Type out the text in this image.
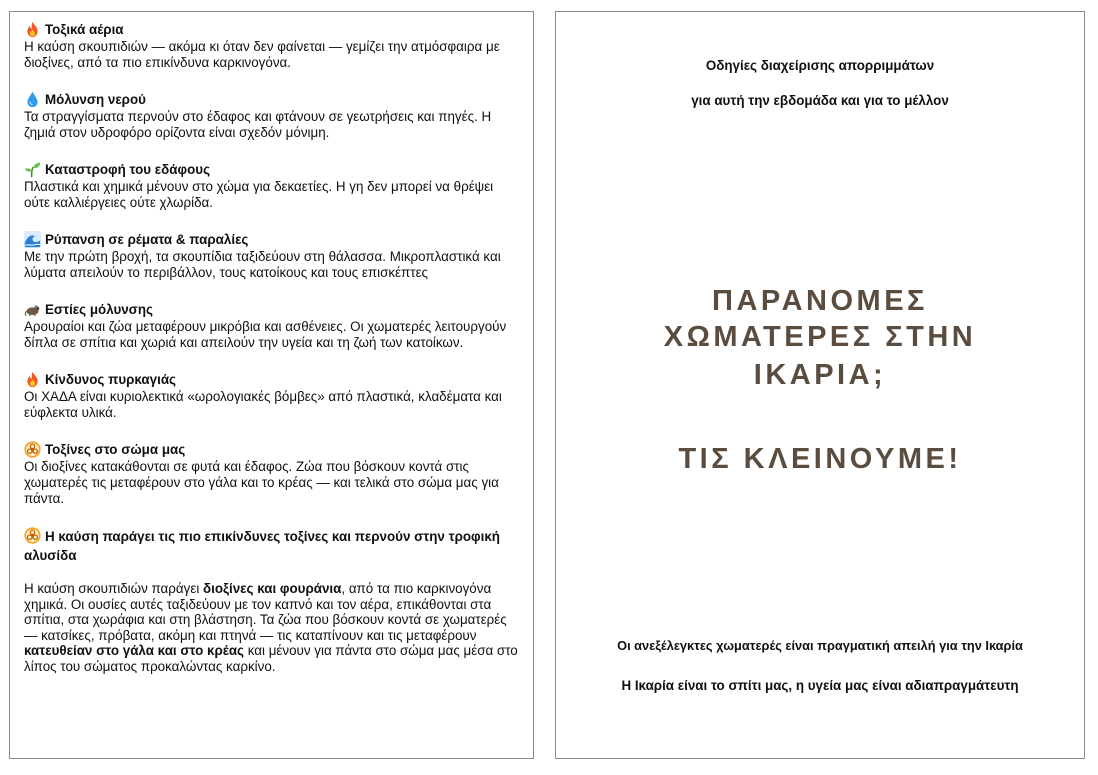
Τοξικά αέρια
Η καύση σκουπιδιών — ακόμα κι όταν δεν φαίνεται — γεμίζει την ατμόσφαιρα με διοξίνες, από τα πιο επικίνδυνα καρκινογόνα.
Μόλυνση νερού
Τα στραγγίσματα περνούν στο έδαφος και φτάνουν σε γεωτρήσεις και πηγές. Η ζημιά στον υδροφόρο ορίζοντα είναι σχεδόν μόνιμη.
Καταστροφή του εδάφους
Πλαστικά και χημικά μένουν στο χώμα για δεκαετίες. Η γη δεν μπορεί να θρέψει ούτε καλλιέργειες ούτε χλωρίδα.
Ρύπανση σε ρέματα & παραλίες
Με την πρώτη βροχή, τα σκουπίδια ταξιδεύουν στη θάλασσα. Μικροπλαστικά και λύματα απειλούν το περιβάλλον, τους κατοίκους και τους επισκέπτες
Εστίες μόλυνσης
Αρουραίοι και ζώα μεταφέρουν μικρόβια και ασθένειες. Οι χωματερές λειτουργούν δίπλα σε σπίτια και χωριά και απειλούν την υγεία και τη ζωή των κατοίκων.
Κίνδυνος πυρκαγιάς
Οι ΧΑΔΑ είναι κυριολεκτικά «ωρολογιακές βόμβες» από πλαστικά, κλαδέματα και εύφλεκτα υλικά.
Τοξίνες στο σώμα μας
Οι διοξίνες κατακάθονται σε φυτά και έδαφος. Ζώα που βόσκουν κοντά στις χωματερές τις μεταφέρουν στο γάλα και το κρέας — και τελικά στο σώμα μας για πάντα.
Η καύση παράγει τις πιο επικίνδυνες τοξίνες και περνούν στην τροφική αλυσίδα
Η καύση σκουπιδιών παράγει διοξίνες και φουράνια, από τα πιο καρκινογόνα χημικά. Οι ουσίες αυτές ταξιδεύουν με τον καπνό και τον αέρα, επικάθονται στα σπίτια, στα χωράφια και στη βλάστηση. Τα ζώα που βόσκουν κοντά σε χωματερές — κατσίκες, πρόβατα, ακόμη και πτηνά — τις καταπίνουν και τις μεταφέρουν κατευθείαν στο γάλα και στο κρέας και μένουν για πάντα στο σώμα μας μέσα στο λίπος του σώματος προκαλώντας καρκίνο.
Οδηγίες διαχείρισης απορριμμάτων
για αυτή την εβδομάδα και για το μέλλον
ΠΑΡΑΝΟΜΕΣ
ΧΩΜΑΤΕΡΕΣ ΣΤΗΝ
ΙΚΑΡΙΑ;
ΤΙΣ ΚΛΕΙΝΟΥΜΕ!
Οι ανεξέλεγκτες χωματερές είναι πραγματική απειλή για την Ικαρία
Η Ικαρία είναι το σπίτι μας, η υγεία μας είναι αδιαπραγμάτευτη
